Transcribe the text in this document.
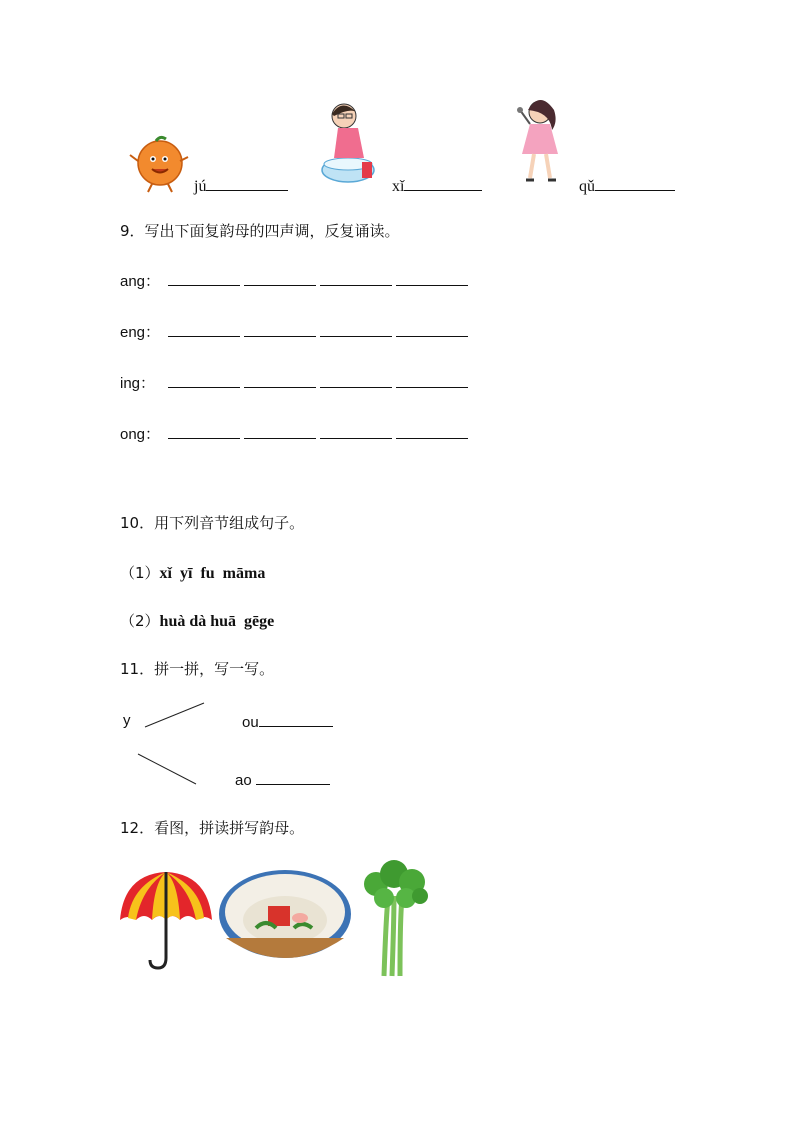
jú	xǐ	qǔ
9．写出下面复韵母的四声调，反复诵读。
ang：
eng：
ing：
ong：
10．用下列音节组成句子。
（1）xǐ  yī  fu  māma
（2）huà dà huā  gēge
11．拼一拼，写一写。
y	ou
ao
12．看图，拼读拼写韵母。
